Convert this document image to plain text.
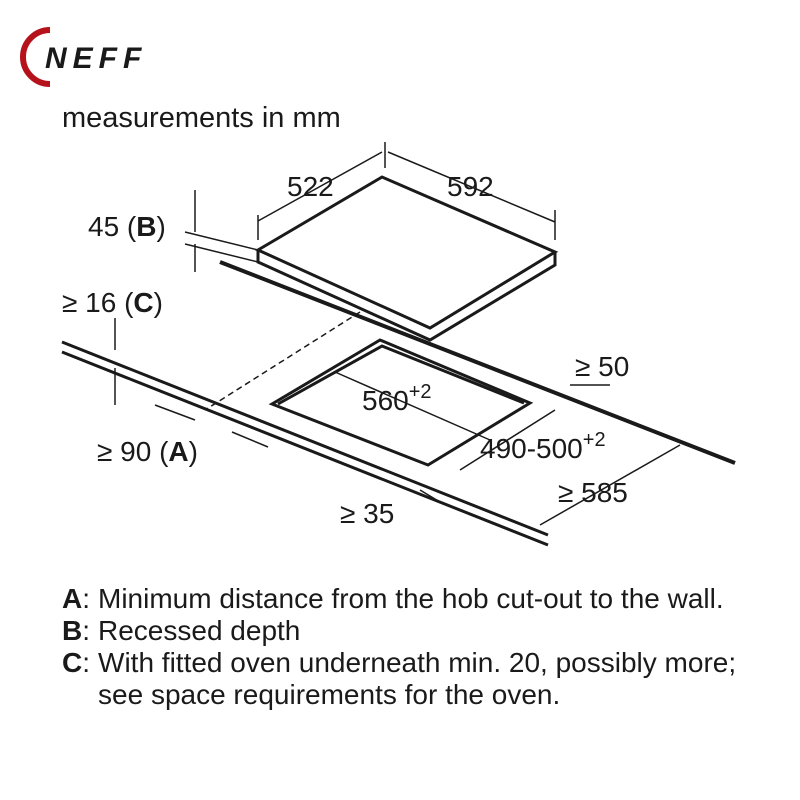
NEFF
measurements in mm
522	592
45 (B)
≥ 16 (C)
$560^{+2}$
$490-500^{+2}$
≥ 50
≥ 90 (A)
≥ 585
≥ 35
A : Minimum distance from the hob cut-out to the wall.
B : Recessed depth
C : With fitted oven underneath min. 20, possibly more; see space requirements for the oven.
